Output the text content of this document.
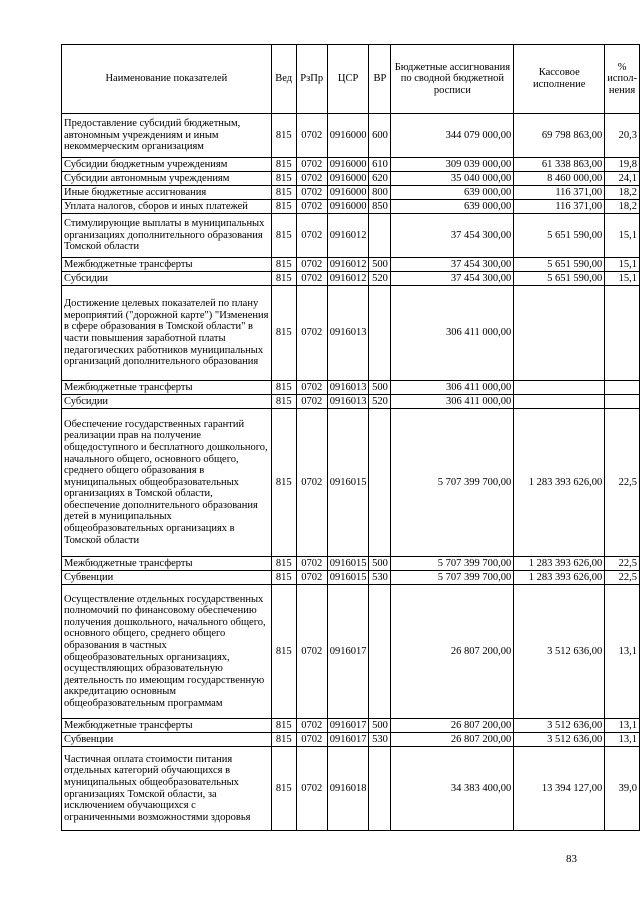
Наименование показателей	Вед	РзПр	ЦСР	ВР	Бюджетные ассигнования по сводной бюджетной росписи	Кассовое исполнение	% испол-нения
Предоставление субсидий бюджетным, автономным учреждениям и иным некоммерческим организациям	815	0702	0916000	600	344 079 000,00	69 798 863,00	20,3
Субсидии бюджетным учреждениям	815	0702	0916000	610	309 039 000,00	61 338 863,00	19,8
Субсидии автономным учреждениям	815	0702	0916000	620	35 040 000,00	8 460 000,00	24,1
Иные бюджетные ассигнования	815	0702	0916000	800	639 000,00	116 371,00	18,2
Уплата налогов, сборов и иных платежей	815	0702	0916000	850	639 000,00	116 371,00	18,2
Стимулирующие выплаты в муниципальных организациях дополнительного образования Томской области	815	0702	0916012		37 454 300,00	5 651 590,00	15,1
Межбюджетные трансферты	815	0702	0916012	500	37 454 300,00	5 651 590,00	15,1
Субсидии	815	0702	0916012	520	37 454 300,00	5 651 590,00	15,1
Достижение целевых показателей по плану мероприятий ("дорожной карте") "Изменения в сфере образования в Томской области" в части повышения заработной платы педагогических работников муниципальных организаций дополнительного образования	815	0702	0916013		306 411 000,00		
Межбюджетные трансферты	815	0702	0916013	500	306 411 000,00		
Субсидии	815	0702	0916013	520	306 411 000,00		
Обеспечение государственных гарантий реализации прав на получение общедоступного и бесплатного дошкольного, начального общего, основного общего, среднего общего образования в муниципальных общеобразовательных организациях в Томской области, обеспечение дополнительного образования детей в муниципальных общеобразовательных организациях в Томской области	815	0702	0916015		5 707 399 700,00	1 283 393 626,00	22,5
Межбюджетные трансферты	815	0702	0916015	500	5 707 399 700,00	1 283 393 626,00	22,5
Субвенции	815	0702	0916015	530	5 707 399 700,00	1 283 393 626,00	22,5
Осуществление отдельных государственных полномочий по финансовому обеспечению получения дошкольного, начального общего, основного общего, среднего общего образования в частных общеобразовательных организациях, осуществляющих образовательную деятельность по имеющим государственную аккредитацию основным общеобразовательным программам	815	0702	0916017		26 807 200,00	3 512 636,00	13,1
Межбюджетные трансферты	815	0702	0916017	500	26 807 200,00	3 512 636,00	13,1
Субвенции	815	0702	0916017	530	26 807 200,00	3 512 636,00	13,1
Частичная оплата стоимости питания отдельных категорий обучающихся в муниципальных общеобразовательных организациях Томской области, за исключением обучающихся с ограниченными возможностями здоровья	815	0702	0916018		34 383 400,00	13 394 127,00	39,0
83
